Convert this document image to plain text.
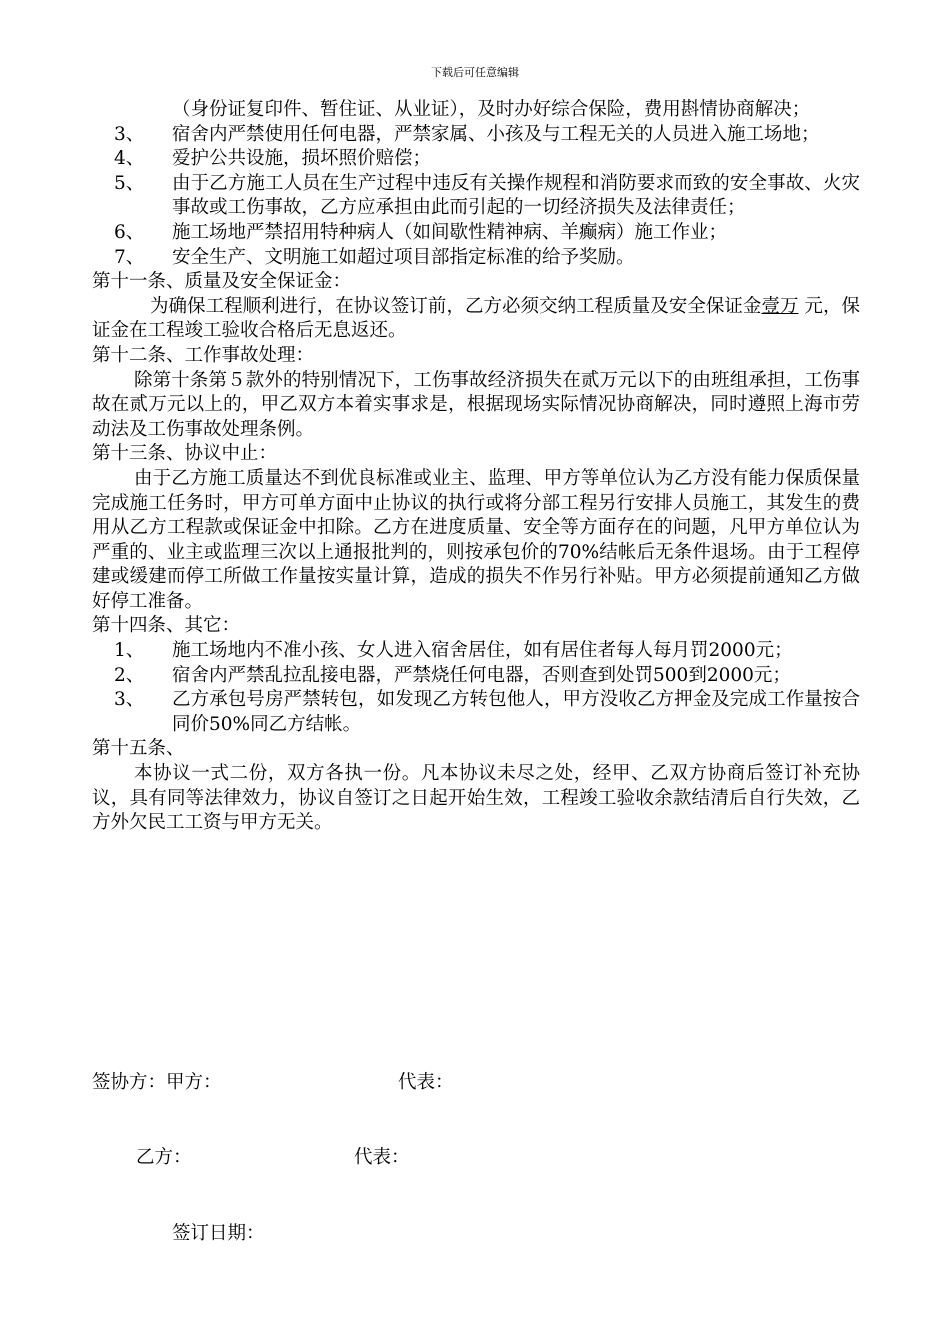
下载后可任意编辑

（身份证复印件、暂住证、从业证），及时办好综合保险，费用斟情协商解决；

3、	宿舍内严禁使用任何电器，严禁家属、小孩及与工程无关的人员进入施工场地；
4、	爱护公共设施，损坏照价赔偿；
5、	由于乙方施工人员在生产过程中违反有关操作规程和消防要求而致的安全事故、火灾事故或工伤事故，乙方应承担由此而引起的一切经济损失及法律责任；
6、	施工场地严禁招用特种病人（如间歇性精神病、羊癫病）施工作业；
7、	安全生产、文明施工如超过项目部指定标准的给予奖励。

第十一条、质量及安全保证金：

为确保工程顺利进行，在协议签订前，乙方必须交纳工程质量及安全保证金壹万 元，保证金在工程竣工验收合格后无息返还。

第十二条、工作事故处理：

除第十条第５款外的特别情况下，工伤事故经济损失在贰万元以下的由班组承担，工伤事故在贰万元以上的，甲乙双方本着实事求是，根据现场实际情况协商解决，同时遵照上海市劳动法及工伤事故处理条例。

第十三条、协议中止：

由于乙方施工质量达不到优良标准或业主、监理、甲方等单位认为乙方没有能力保质保量完成施工任务时，甲方可单方面中止协议的执行或将分部工程另行安排人员施工，其发生的费用从乙方工程款或保证金中扣除。乙方在进度质量、安全等方面存在的问题，凡甲方单位认为严重的、业主或监理三次以上通报批判的，则按承包价的70%结帐后无条件退场。由于工程停建或缓建而停工所做工作量按实量计算，造成的损失不作另行补贴。甲方必须提前通知乙方做好停工准备。

第十四条、其它：

1、	施工场地内不准小孩、女人进入宿舍居住，如有居住者每人每月罚2000元；
2、	宿舍内严禁乱拉乱接电器，严禁烧任何电器，否则查到处罚500到2000元；
3、	乙方承包号房严禁转包，如发现乙方转包他人，甲方没收乙方押金及完成工作量按合同价50%同乙方结帐。

第十五条、

本协议一式二份，双方各执一份。凡本协议未尽之处，经甲、乙双方协商后签订补充协议，具有同等法律效力，协议自签订之日起开始生效，工程竣工验收余款结清后自行失效，乙方外欠民工工资与甲方无关。

签协方：甲方：	代表：
乙方：	代表：
签订日期：
